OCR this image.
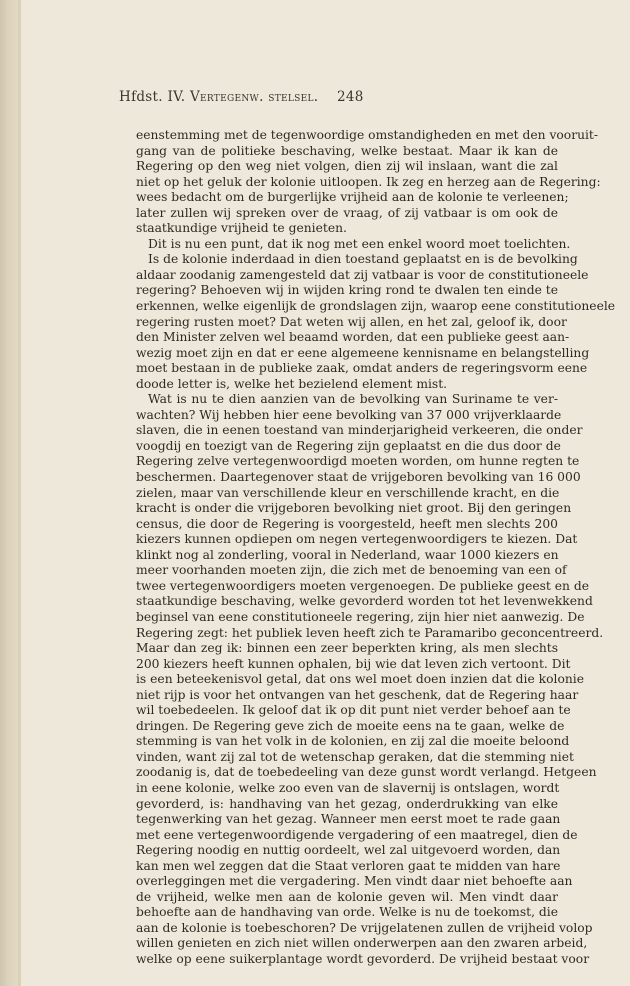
Hfdst. IV. Vertegenw. stelsel. 248
eenstemming met de tegenwoordige omstandigheden en met den vooruit-
gang van de politieke beschaving, welke bestaat. Maar ik kan de
Regering op den weg niet volgen, dien zij wil inslaan, want die zal
niet op het geluk der kolonie uitloopen. Ik zeg en herzeg aan de Regering:
wees bedacht om de burgerlijke vrijheid aan de kolonie te verleenen;
later zullen wij spreken over de vraag, of zij vatbaar is om ook de
staatkundige vrijheid te genieten.
Dit is nu een punt, dat ik nog met een enkel woord moet toelichten.
Is de kolonie inderdaad in dien toestand geplaatst en is de bevolking
aldaar zoodanig zamengesteld dat zij vatbaar is voor de constitutioneele
regering? Behoeven wij in wijden kring rond te dwalen ten einde te
erkennen, welke eigenlijk de grondslagen zijn, waarop eene constitutioneele
regering rusten moet? Dat weten wij allen, en het zal, geloof ik, door
den Minister zelven wel beaamd worden, dat een publieke geest aan-
wezig moet zijn en dat er eene algemeene kennisname en belangstelling
moet bestaan in de publieke zaak, omdat anders de regeringsvorm eene
doode letter is, welke het bezielend element mist.
Wat is nu te dien aanzien van de bevolking van Suriname te ver-
wachten? Wij hebben hier eene bevolking van 37 000 vrijverklaarde
slaven, die in eenen toestand van minderjarigheid verkeeren, die onder
voogdij en toezigt van de Regering zijn geplaatst en die dus door de
Regering zelve vertegenwoordigd moeten worden, om hunne regten te
beschermen. Daartegenover staat de vrijgeboren bevolking van 16 000
zielen, maar van verschillende kleur en verschillende kracht, en die
kracht is onder die vrijgeboren bevolking niet groot. Bij den geringen
census, die door de Regering is voorgesteld, heeft men slechts 200
kiezers kunnen opdiepen om negen vertegenwoordigers te kiezen. Dat
klinkt nog al zonderling, vooral in Nederland, waar 1000 kiezers en
meer voorhanden moeten zijn, die zich met de benoeming van een of
twee vertegenwoordigers moeten vergenoegen. De publieke geest en de
staatkundige beschaving, welke gevorderd worden tot het levenwekkend
beginsel van eene constitutioneele regering, zijn hier niet aanwezig. De
Regering zegt: het publiek leven heeft zich te Paramaribo geconcentreerd.
Maar dan zeg ik: binnen een zeer beperkten kring, als men slechts
200 kiezers heeft kunnen ophalen, bij wie dat leven zich vertoont. Dit
is een beteekenisvol getal, dat ons wel moet doen inzien dat die kolonie
niet rijp is voor het ontvangen van het geschenk, dat de Regering haar
wil toebedeelen. Ik geloof dat ik op dit punt niet verder behoef aan te
dringen. De Regering geve zich de moeite eens na te gaan, welke de
stemming is van het volk in de kolonien, en zij zal die moeite beloond
vinden, want zij zal tot de wetenschap geraken, dat die stemming niet
zoodanig is, dat de toebedeeling van deze gunst wordt verlangd. Hetgeen
in eene kolonie, welke zoo even van de slavernij is ontslagen, wordt
gevorderd, is: handhaving van het gezag, onderdrukking van elke
tegenwerking van het gezag. Wanneer men eerst moet te rade gaan
met eene vertegenwoordigende vergadering of een maatregel, dien de
Regering noodig en nuttig oordeelt, wel zal uitgevoerd worden, dan
kan men wel zeggen dat die Staat verloren gaat te midden van hare
overleggingen met die vergadering. Men vindt daar niet behoefte aan
de vrijheid, welke men aan de kolonie geven wil. Men vindt daar
behoefte aan de handhaving van orde. Welke is nu de toekomst, die
aan de kolonie is toebeschoren? De vrijgelatenen zullen de vrijheid volop
willen genieten en zich niet willen onderwerpen aan den zwaren arbeid,
welke op eene suikerplantage wordt gevorderd. De vrijheid bestaat voor
